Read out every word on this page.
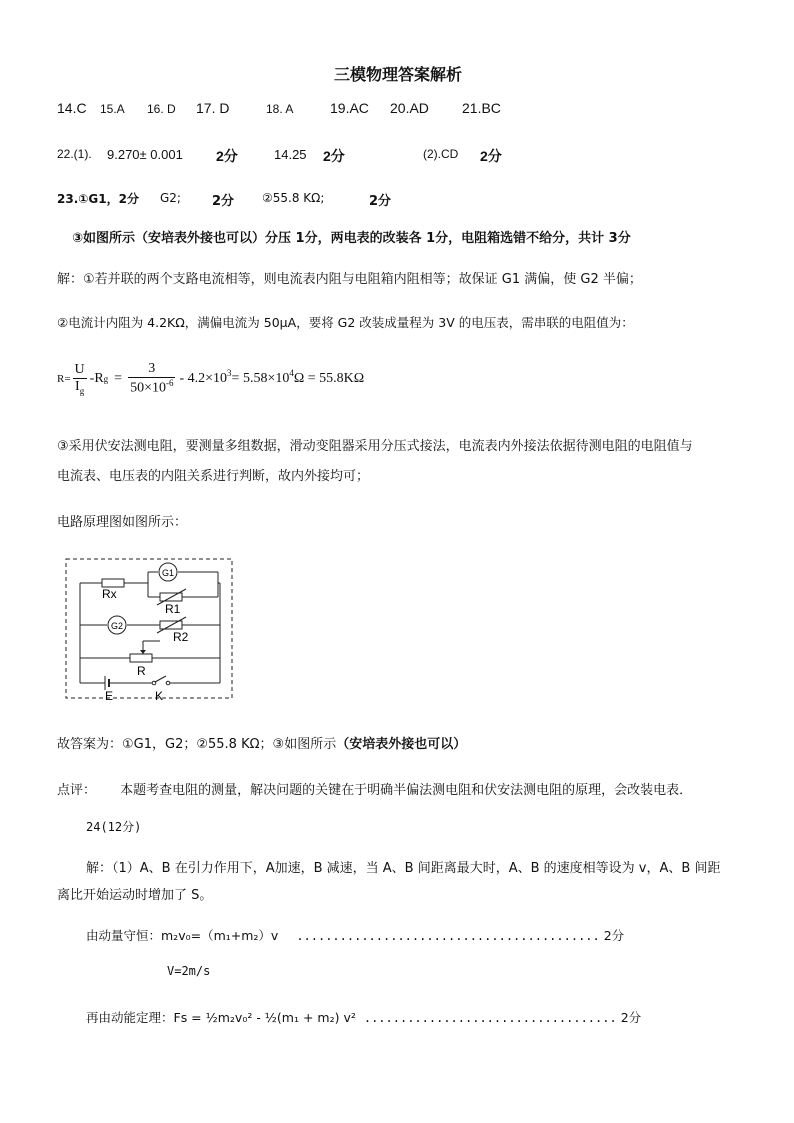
三模物理答案解析
14.C 15.A 16. D 17. D	18. A	19.AC 20.AD 21.BC
22.(1). 9.270± 0.001 2分	14.25 2分	(2).CD 2分
23.①G1，2分 G2; 2分 ②55.8 KΩ;	2分
③如图所示（安培表外接也可以）分压 1分，两电表的改装各 1分，电阻箱选错不给分，共计 3分
解：①若并联的两个支路电流相等，则电流表内阻与电阻箱内阻相等；故保证 G1 满偏，使 G2 半偏；
②电流计内阻为 4.2KΩ，满偏电流为 50μA，要将 G2 改装成量程为 3V 的电压表，需串联的电阻值为：
$R= \frac{U}{I_g} -R$ $g = \frac{3}{50\times 10^{-6}} - 4.2\times 10^3 = 5.58\times 10^4$ Ω = 55.8KΩ
③采用伏安法测电阻，要测量多组数据，滑动变阻器采用分压式接法，电流表内外接法依据待测电阻的电阻值与
电流表、电压表的内阻关系进行判断，故内外接均可；
电路原理图如图所示：
G1
Rx
R1
G2
R2
R
E	K
故答案为：①G1，G2；②55.8 KΩ；③如图所示（安培表外接也可以）
点评： 本题考查电阻的测量，解决问题的关键在于明确半偏法测电阻和伏安法测电阻的原理，会改装电表．
24(12分)
解：（1）A、B 在引力作用下，A加速，B 减速，当 A、B 间距离最大时，A、B 的速度相等设为 v，A、B 间距
离比开始运动时增加了 S。
由动量守恒：m₂v₀=（m₁+m₂）v .......................................... 2分
V=2m/s
再由动能定理：Fs = ½m₂v₀² - ½(m₁ + m₂) v² ................................... 2分
